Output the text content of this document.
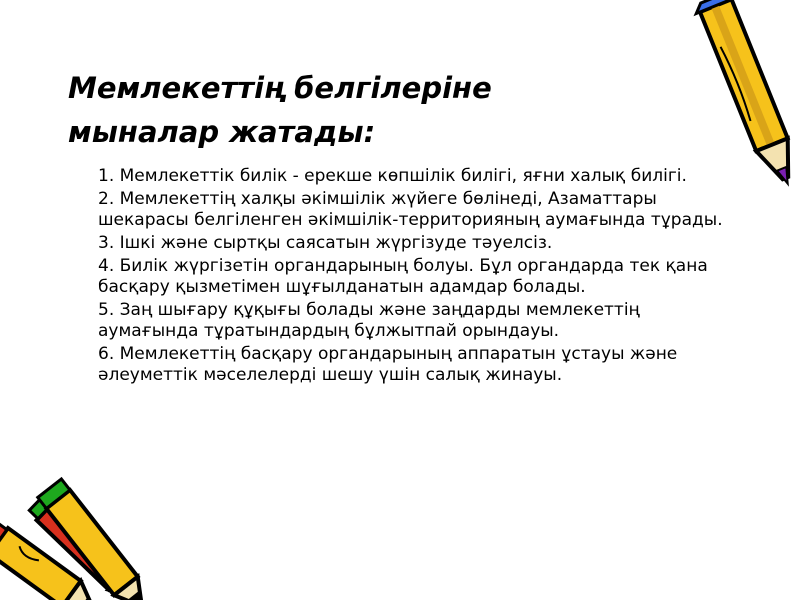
Мемлекеттің белгілеріне
мыналар жатады:
1. Мемлекеттік билік - ерекше көпшілік билігі, яғни халық билігі.
2. Мемлекеттің халқы әкімшілік жүйеге бөлінеді, Азаматтары шекарасы белгіленген әкімшілік-территорияның аумағында тұрады.
3. Ішкі және сыртқы саясатын жүргізуде тәуелсіз.
4. Билік жүргізетін органдарының болуы. Бұл органдарда тек қана басқару қызметімен шұғылданатын адамдар болады.
5. Заң шығару құқығы болады және заңдарды мемлекеттің аумағында тұратындардың бұлжытпай орындауы.
6. Мемлекеттің басқару органдарының аппаратын ұстауы және әлеуметтік мәселелерді шешу үшін салық жинауы.
